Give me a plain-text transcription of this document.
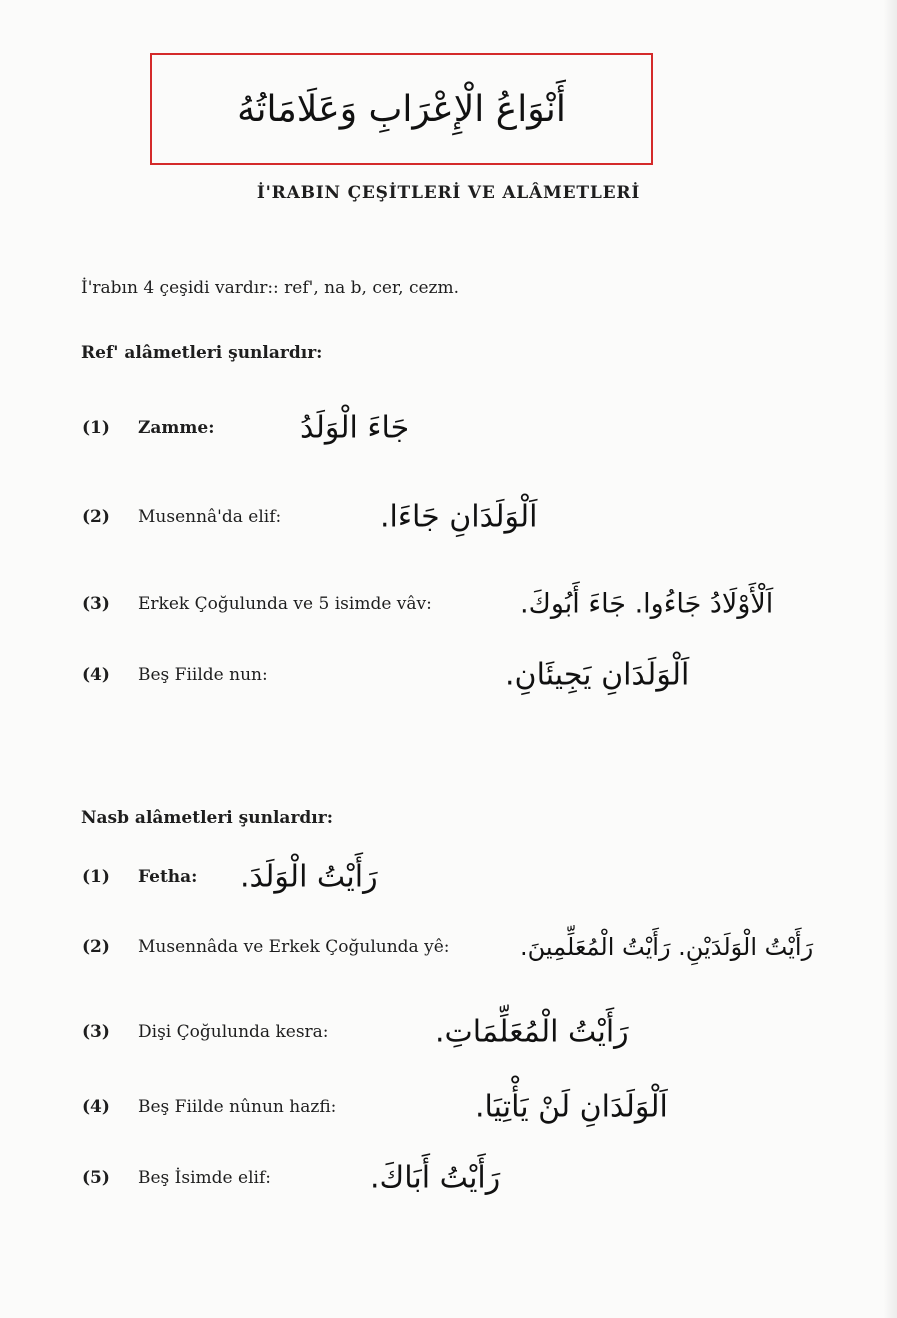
أَنْوَاعُ الْإِعْرَابِ وَعَلَامَاتُهُ
İ'RABIN ÇEŞİTLERİ VE ALÂMETLERİ
İ'rabın 4 çeşidi vardır:: ref', na b, cer, cezm.
Ref' alâmetleri şunlardır:
(1) Zamme:	جَاءَ الْوَلَدُ
(2) Musennâ'da elif:	اَلْوَلَدَانِ جَاءَا.
(3) Erkek Çoğulunda ve 5 isimde vâv:	اَلْأَوْلَادُ جَاءُوا. جَاءَ أَبُوكَ.
(4) Beş Fiilde nun:	اَلْوَلَدَانِ يَجِيئَانِ.
Nasb alâmetleri şunlardır:
(1) Fetha: رَأَيْتُ الْوَلَدَ.
(2) Musennâda ve Erkek Çoğulunda yê:	رَأَيْتُ الْوَلَدَيْنِ. رَأَيْتُ الْمُعَلِّمِينَ.
(3) Dişi Çoğulunda kesra:	رَأَيْتُ الْمُعَلِّمَاتِ.
(4) Beş Fiilde nûnun hazfi:	اَلْوَلَدَانِ لَنْ يَأْتِيَا.
(5) Beş İsimde elif:	رَأَيْتُ أَبَاكَ.
